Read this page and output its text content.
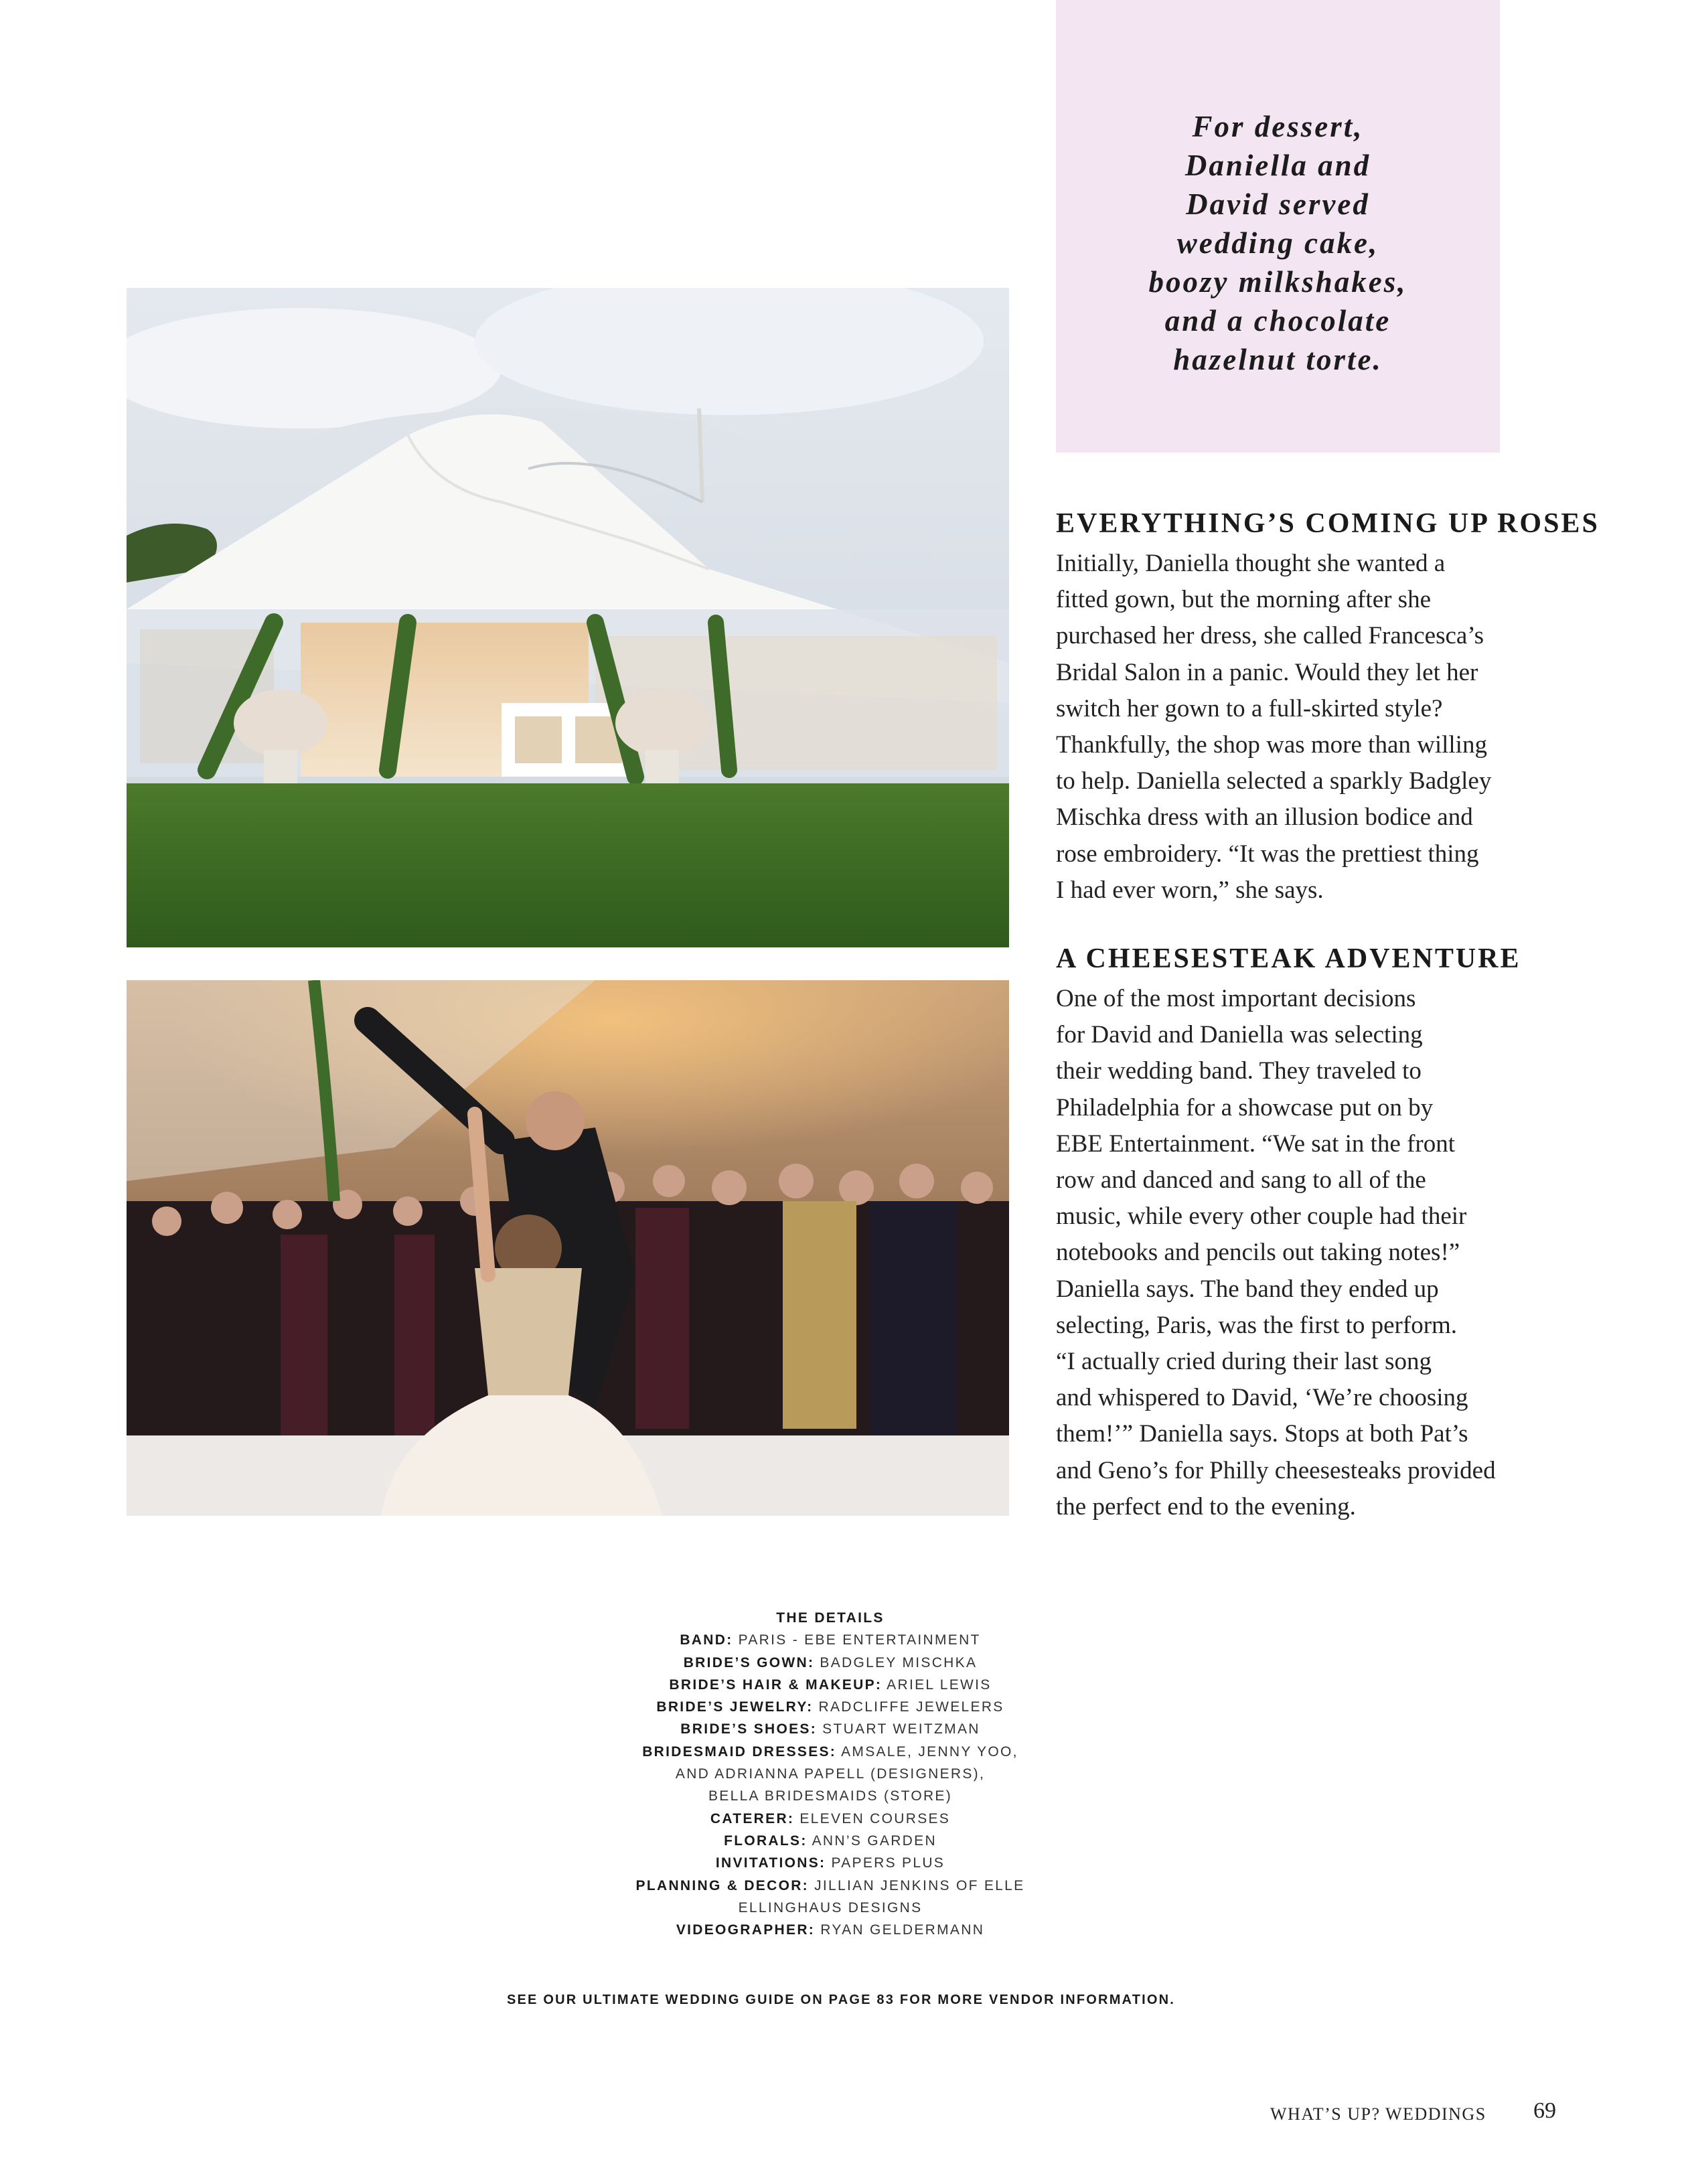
For dessert,
Daniella and
David served
wedding cake,
boozy milkshakes,
and a chocolate
hazelnut torte.
EVERYTHING’S COMING UP ROSES
Initially, Daniella thought she wanted a
fitted gown, but the morning after she
purchased her dress, she called Francesca’s
Bridal Salon in a panic. Would they let her
switch her gown to a full-skirted style?
Thankfully, the shop was more than willing
to help. Daniella selected a sparkly Badgley
Mischka dress with an illusion bodice and
rose embroidery. “It was the prettiest thing
I had ever worn,” she says.
A CHEESESTEAK ADVENTURE
One of the most important decisions
for David and Daniella was selecting
their wedding band. They traveled to
Philadelphia for a showcase put on by
EBE Entertainment. “We sat in the front
row and danced and sang to all of the
music, while every other couple had their
notebooks and pencils out taking notes!”
Daniella says. The band they ended up
selecting, Paris, was the first to perform.
“I actually cried during their last song
and whispered to David, ‘We’re choosing
them!’” Daniella says. Stops at both Pat’s
and Geno’s for Philly cheesesteaks provided
the perfect end to the evening.
THE DETAILS
BAND: PARIS - EBE ENTERTAINMENT
BRIDE’S GOWN: BADGLEY MISCHKA
BRIDE’S HAIR & MAKEUP: ARIEL LEWIS
BRIDE’S JEWELRY: RADCLIFFE JEWELERS
BRIDE’S SHOES: STUART WEITZMAN
BRIDESMAID DRESSES: AMSALE, JENNY YOO,
AND ADRIANNA PAPELL (DESIGNERS),
BELLA BRIDESMAIDS (STORE)
CATERER: ELEVEN COURSES
FLORALS: ANN’S GARDEN
INVITATIONS: PAPERS PLUS
PLANNING & DECOR: JILLIAN JENKINS OF ELLE
ELLINGHAUS DESIGNS
VIDEOGRAPHER: RYAN GELDERMANN
SEE OUR ULTIMATE WEDDING GUIDE ON PAGE 83 FOR MORE VENDOR INFORMATION.
WHAT’S UP? WEDDINGS 69
